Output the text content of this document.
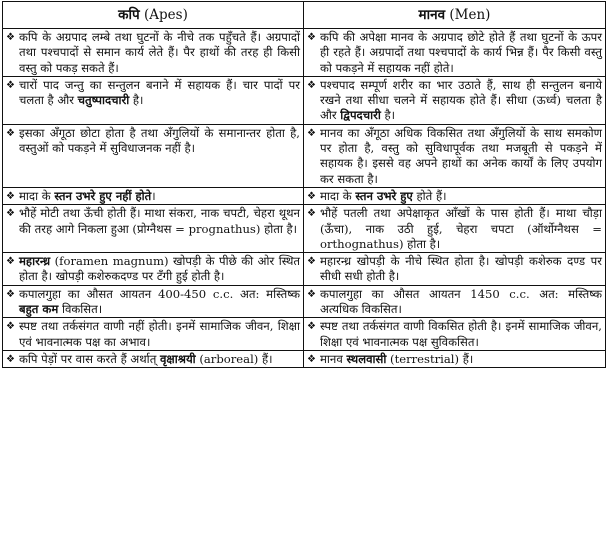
कपि (Apes)	मानव (Men)

❖ कपि के अग्रपाद लम्बे तथा घुटनों के नीचे तक पहुँचते हैं। अग्रपादों तथा पश्चपादों से समान कार्य लेते हैं। पैर हाथों की तरह ही किसी वस्तु को पकड़ सकते हैं।	❖ कपि की अपेक्षा मानव के अग्रपाद छोटे होते हैं तथा घुटनों के ऊपर ही रहते हैं। अग्रपादों तथा पश्चपादों के कार्य भिन्न हैं। पैर किसी वस्तु को पकड़ने में सहायक नहीं होते।

❖ चारों पाद जन्तु का सन्तुलन बनाने में सहायक हैं। चार पादों पर चलता है और चतुष्पादचारी है।	❖ पश्चपाद सम्पूर्ण शरीर का भार उठाते हैं, साथ ही सन्तुलन बनाये रखने तथा सीधा चलने में सहायक होते हैं। सीधा (ऊर्ध्व) चलता है और द्विपदचारी है।

❖ इसका अँगूठा छोटा होता है तथा अँगुलियों के समानान्तर होता है, वस्तुओं को पकड़ने में सुविधाजनक नहीं है।	❖ मानव का अँगूठा अधिक विकसित तथा अँगुलियों के साथ समकोण पर होता है, वस्तु को सुविधापूर्वक तथा मजबूती से पकड़ने में सहायक है। इससे वह अपने हाथों का अनेक कार्यों के लिए उपयोग कर सकता है।

❖ मादा के स्तन उभरे हुए नहीं होते।	❖ मादा के स्तन उभरे हुए होते हैं।

❖ भौहें मोटी तथा ऊँची होती हैं। माथा संकरा, नाक चपटी, चेहरा थूथन की तरह आगे निकला हुआ (प्रोग्नैथस = prognathus) होता है।	❖ भौहें पतली तथा अपेक्षाकृत आँखों के पास होती हैं। माथा चौड़ा (ऊँचा), नाक उठी हुई, चेहरा चपटा (ऑर्थोग्नैथस = orthognathus) होता है।

❖ महारन्ध्र (foramen magnum) खोपड़ी के पीछे की ओर स्थित होता है। खोपड़ी कशेरुकदण्ड पर टँगी हुई होती है।	❖ महारन्ध्र खोपड़ी के नीचे स्थित होता है। खोपड़ी कशेरुक दण्ड पर सीधी सधी होती है।

❖ कपालगुहा का औसत आयतन 400-450 c.c. अत: मस्तिष्क बहुत कम विकसित।	❖ कपालगुहा का औसत आयतन 1450 c.c. अत: मस्तिष्क अत्यधिक विकसित।

❖ स्पष्ट तथा तर्कसंगत वाणी नहीं होती। इनमें सामाजिक जीवन, शिक्षा एवं भावनात्मक पक्ष का अभाव।	❖ स्पष्ट तथा तर्कसंगत वाणी विकसित होती है। इनमें सामाजिक जीवन, शिक्षा एवं भावनात्मक पक्ष सुविकसित।

❖ कपि पेड़ों पर वास करते हैं अर्थात् वृक्षाश्रयी (arboreal) हैं।	❖ मानव स्थलवासी (terrestrial) हैं।
